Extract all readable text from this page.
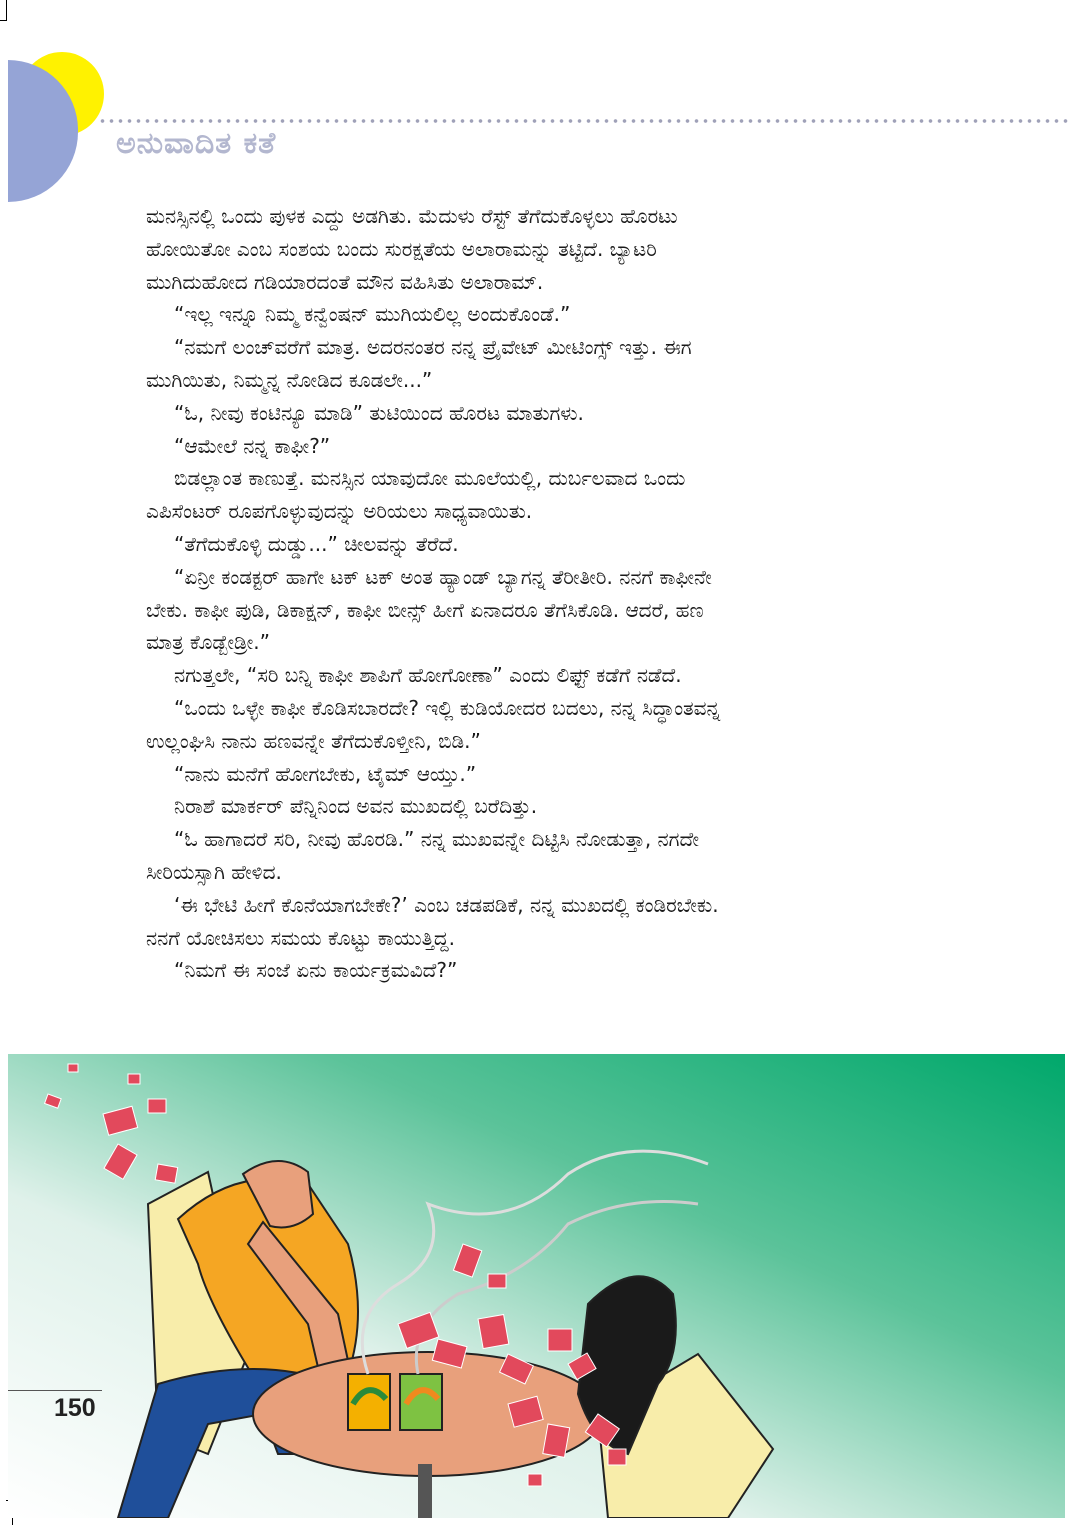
ಅನುವಾದಿತ ಕತೆ

ಮನಸ್ಸಿನಲ್ಲಿ ಒಂದು ಪುಳಕ ಎದ್ದು ಅಡಗಿತು. ಮೆದುಳು ರೆಸ್ಟ್ ತೆಗೆದುಕೊಳ್ಳಲು ಹೊರಟು

ಹೋಯಿತೋ ಎಂಬ ಸಂಶಯ ಬಂದು ಸುರಕ್ಷತೆಯ ಅಲಾರಾಮನ್ನು ತಟ್ಟಿದೆ. ಬ್ಯಾಟರಿ

ಮುಗಿದುಹೋದ ಗಡಿಯಾರದಂತೆ ಮೌನ ವಹಿಸಿತು ಅಲಾರಾಮ್.

“ಇಲ್ಲ ಇನ್ನೂ ನಿಮ್ಮ ಕನ್ವೆಂಷನ್ ಮುಗಿಯಲಿಲ್ಲ ಅಂದುಕೊಂಡೆ.”

“ನಮಗೆ ಲಂಚ್‌ವರೆಗೆ ಮಾತ್ರ. ಅದರನಂತರ ನನ್ನ ಪ್ರೈವೇಟ್ ಮೀಟಿಂಗ್ಸ್ ಇತ್ತು. ಈಗ

ಮುಗಿಯಿತು, ನಿಮ್ಮನ್ನ ನೋಡಿದ ಕೂಡಲೇ...”

“ಓ, ನೀವು ಕಂಟಿನ್ಯೂ ಮಾಡಿ” ತುಟಿಯಿಂದ ಹೊರಟ ಮಾತುಗಳು.

“ಆಮೇಲೆ ನನ್ನ ಕಾಫೀ?”

ಬಿಡಲ್ಲಾಂತ ಕಾಣುತ್ತೆ. ಮನಸ್ಸಿನ ಯಾವುದೋ ಮೂಲೆಯಲ್ಲಿ, ದುರ್ಬಲವಾದ ಒಂದು

ಎಪಿಸೆಂಟರ್ ರೂಪಗೊಳ್ಳುವುದನ್ನು ಅರಿಯಲು ಸಾಧ್ಯವಾಯಿತು.

“ತೆಗೆದುಕೊಳ್ಳಿ ದುಡ್ಡು...” ಚೀಲವನ್ನು ತೆರೆದೆ.

“ಏನ್ರೀ ಕಂಡಕ್ಟರ್ ಹಾಗೇ ಟಕ್ ಟಕ್ ಅಂತ ಹ್ಯಾಂಡ್ ಬ್ಯಾಗನ್ನ ತೆರೀತೀರಿ. ನನಗೆ ಕಾಫೀನೇ

ಬೇಕು. ಕಾಫೀ ಪುಡಿ, ಡಿಕಾಕ್ಷನ್, ಕಾಫೀ ಬೀನ್ಸ್ ಹೀಗೆ ಏನಾದರೂ ತೆಗೆಸಿಕೊಡಿ. ಆದರೆ, ಹಣ

ಮಾತ್ರ ಕೊಡ್ಬೇಡ್ರೀ.”

ನಗುತ್ತಲೇ, “ಸರಿ ಬನ್ನಿ ಕಾಫೀ ಶಾಪಿಗೆ ಹೋಗೋಣಾ” ಎಂದು ಲಿಫ್ಟ್ ಕಡೆಗೆ ನಡೆದೆ.

“ಒಂದು ಒಳ್ಳೇ ಕಾಫೀ ಕೊಡಿಸಬಾರದೇ? ಇಲ್ಲಿ ಕುಡಿಯೋದರ ಬದಲು, ನನ್ನ ಸಿದ್ಧಾಂತವನ್ನ

ಉಲ್ಲಂಘಿಸಿ ನಾನು ಹಣವನ್ನೇ ತೆಗೆದುಕೊಳ್ತೀನಿ, ಬಿಡಿ.”

“ನಾನು ಮನೆಗೆ ಹೋಗಬೇಕು, ಟೈಮ್ ಆಯ್ತು.”

ನಿರಾಶೆ ಮಾರ್ಕರ್ ಪೆನ್ನಿನಿಂದ ಅವನ ಮುಖದಲ್ಲಿ ಬರೆದಿತ್ತು.

“ಓ ಹಾಗಾದರೆ ಸರಿ, ನೀವು ಹೊರಡಿ.” ನನ್ನ ಮುಖವನ್ನೇ ದಿಟ್ಟಿಸಿ ನೋಡುತ್ತಾ, ನಗದೇ

ಸೀರಿಯಸ್ಸಾಗಿ ಹೇಳಿದ.

‘ಈ ಭೇಟಿ ಹೀಗೆ ಕೊನೆಯಾಗಬೇಕೇ?’ ಎಂಬ ಚಡಪಡಿಕೆ, ನನ್ನ ಮುಖದಲ್ಲಿ ಕಂಡಿರಬೇಕು.

ನನಗೆ ಯೋಚಿಸಲು ಸಮಯ ಕೊಟ್ಟು ಕಾಯುತ್ತಿದ್ದ.

“ನಿಮಗೆ ಈ ಸಂಜೆ ಏನು ಕಾರ್ಯಕ್ರಮವಿದೆ?”

150
